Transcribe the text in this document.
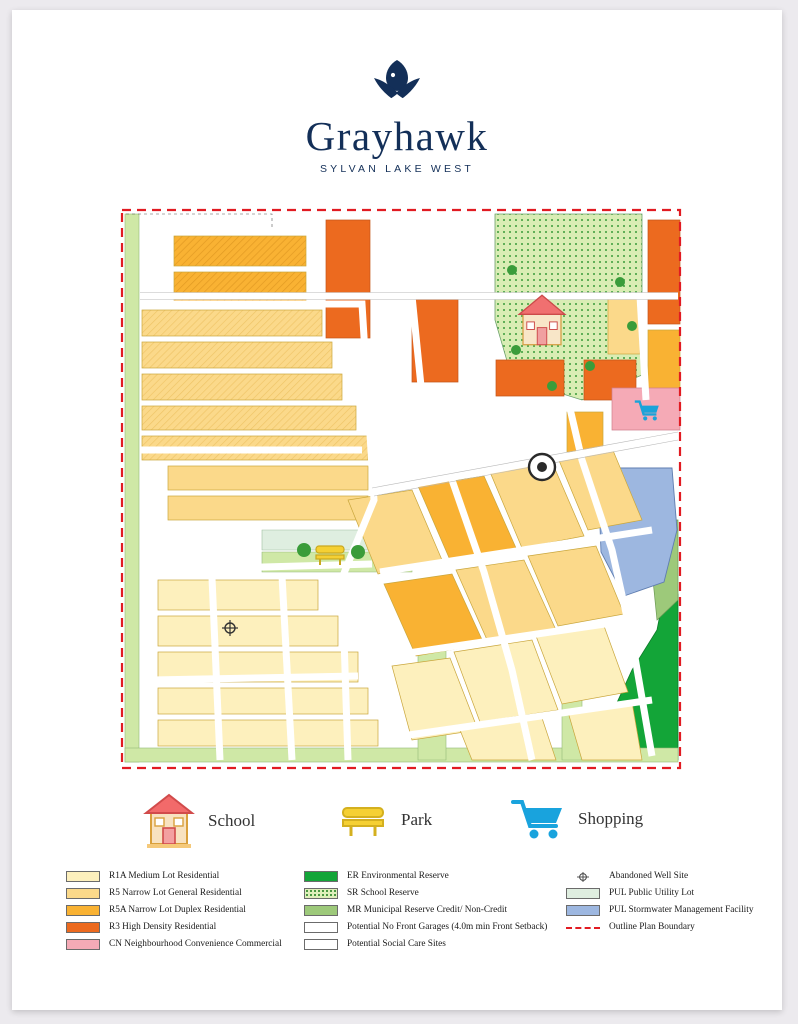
Grayhawk
SYLVAN LAKE WEST
School	Park	Shopping
R1A Medium Lot Residential
R5 Narrow Lot General Residential
R5A Narrow Lot Duplex Residential
R3 High Density Residential
CN Neighbourhood Convenience Commercial
ER Environmental Reserve
SR School Reserve
MR Municipal Reserve Credit/ Non-Credit
Potential No Front Garages (4.0m min Front Setback)
Potential Social Care Sites
Abandoned Well Site
PUL Public Utility Lot
PUL Stormwater Management Facility
Outline Plan Boundary
